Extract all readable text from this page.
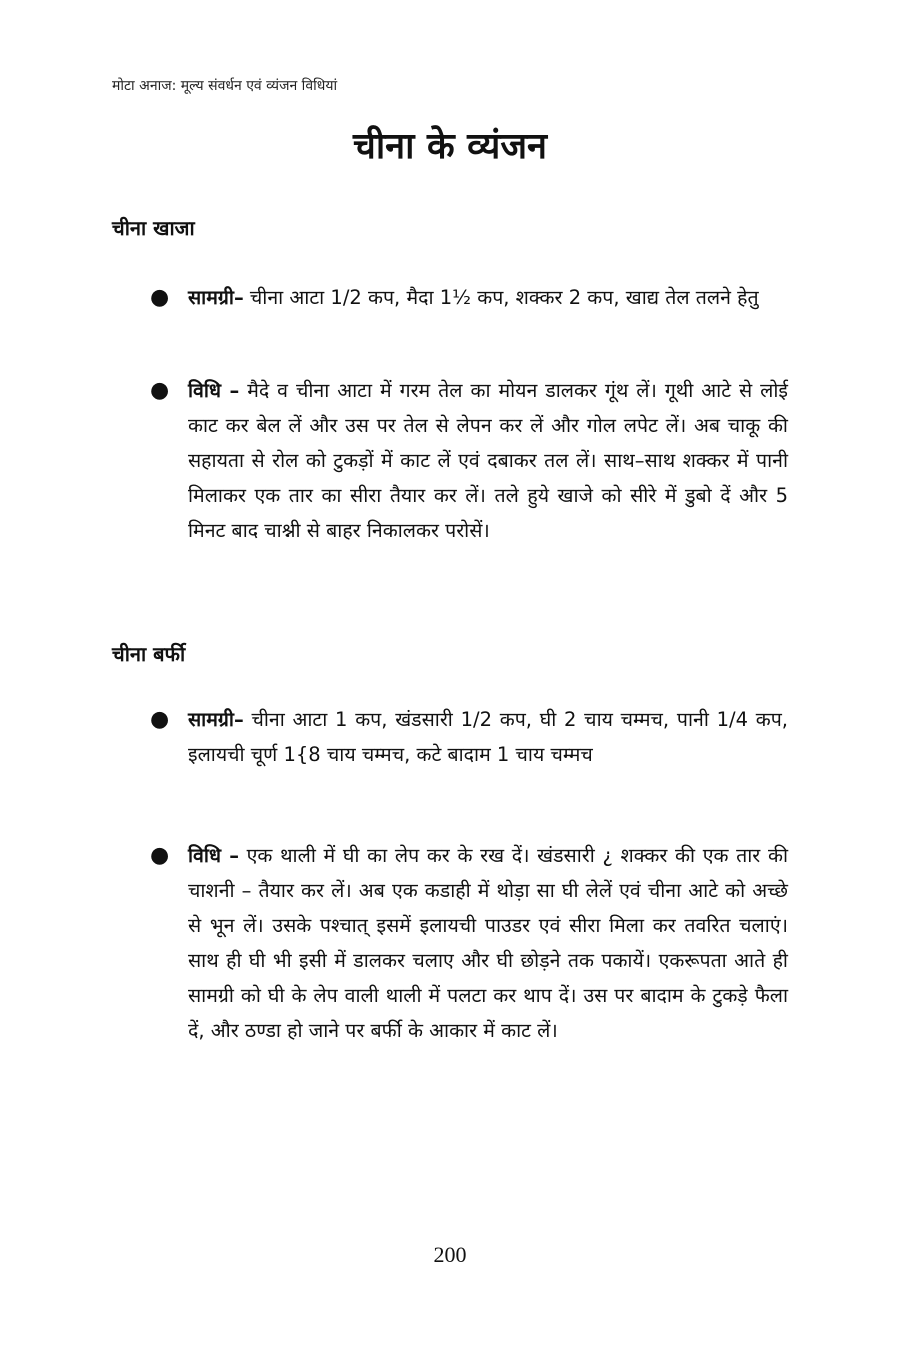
मोटा अनाज: मूल्य संवर्धन एवं व्यंजन विधियां
चीना के व्यंजन
चीना खाजा
● सामग्री– चीना आटा 1/2 कप, मैदा 1½ कप, शक्कर 2 कप, खाद्य तेल तलने हेतु
● विधि – मैदे व चीना आटा में गरम तेल का मोयन डालकर गूंथ लें। गूथी आटे से लोई काट कर बेल लें और उस पर तेल से लेपन कर लें और गोल लपेट लें। अब चाकू की सहायता से रोल को टुकड़ों में काट लें एवं दबाकर तल लें। साथ–साथ शक्कर में पानी मिलाकर एक तार का सीरा तैयार कर लें। तले हुये खाजे को सीरे में डुबो दें और 5 मिनट बाद चाश्नी से बाहर निकालकर परोसें।
चीना बर्फी
● सामग्री– चीना आटा 1 कप, खंडसारी 1/2 कप, घी 2 चाय चम्मच, पानी 1/4 कप, इलायची चूर्ण 1{8 चाय चम्मच, कटे बादाम 1 चाय चम्मच
● विधि – एक थाली में घी का लेप कर के रख दें। खंडसारी ¿ शक्कर की एक तार की चाशनी – तैयार कर लें। अब एक कडाही में थोड़ा सा घी लेलें एवं चीना आटे को अच्छे से भून लें। उसके पश्चात् इसमें इलायची पाउडर एवं सीरा मिला कर तवरित चलाएं। साथ ही घी भी इसी में डालकर चलाए और घी छोड़ने तक पकायें। एकरूपता आते ही सामग्री को घी के लेप वाली थाली में पलटा कर थाप दें। उस पर बादाम के टुकड़े फैला दें, और ठण्डा हो जाने पर बर्फी के आकार में काट लें।
200
